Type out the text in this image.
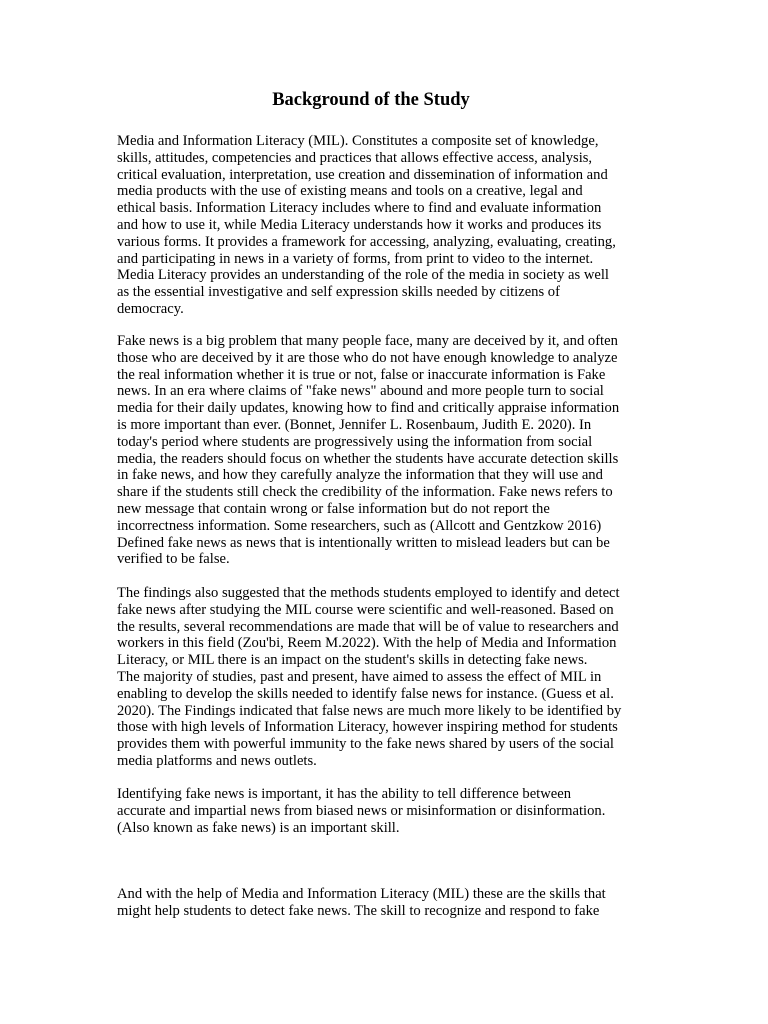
Background of the Study
Media and Information Literacy (MIL). Constitutes a composite set of knowledge,
skills, attitudes, competencies and practices that allows effective access, analysis,
critical evaluation, interpretation, use creation and dissemination of information and
media products with the use of existing means and tools on a creative, legal and
ethical basis. Information Literacy includes where to find and evaluate information
and how to use it, while Media Literacy understands how it works and produces its
various forms. It provides a framework for accessing, analyzing, evaluating, creating,
and participating in news in a variety of forms, from print to video to the internet.
Media Literacy provides an understanding of the role of the media in society as well
as the essential investigative and self expression skills needed by citizens of
democracy.
Fake news is a big problem that many people face, many are deceived by it, and often
those who are deceived by it are those who do not have enough knowledge to analyze
the real information whether it is true or not, false or inaccurate information is Fake
news. In an era where claims of "fake news" abound and more people turn to social
media for their daily updates, knowing how to find and critically appraise information
is more important than ever. (Bonnet, Jennifer L. Rosenbaum, Judith E. 2020). In
today's period where students are progressively using the information from social
media, the readers should focus on whether the students have accurate detection skills
in fake news, and how they carefully analyze the information that they will use and
share if the students still check the credibility of the information. Fake news refers to
new message that contain wrong or false information but do not report the
incorrectness information. Some researchers, such as (Allcott and Gentzkow 2016)
Defined fake news as news that is intentionally written to mislead leaders but can be
verified to be false.
The findings also suggested that the methods students employed to identify and detect
fake news after studying the MIL course were scientific and well-reasoned. Based on
the results, several recommendations are made that will be of value to researchers and
workers in this field (Zou'bi, Reem M.2022). With the help of Media and Information
Literacy, or MIL there is an impact on the student's skills in detecting fake news.
The majority of studies, past and present, have aimed to assess the effect of MIL in
enabling to develop the skills needed to identify false news for instance. (Guess et al.
2020). The Findings indicated that false news are much more likely to be identified by
those with high levels of Information Literacy, however inspiring method for students
provides them with powerful immunity to the fake news shared by users of the social
media platforms and news outlets.
Identifying fake news is important, it has the ability to tell difference between
accurate and impartial news from biased news or misinformation or disinformation.
(Also known as fake news) is an important skill.
And with the help of Media and Information Literacy (MIL) these are the skills that
might help students to detect fake news. The skill to recognize and respond to fake
